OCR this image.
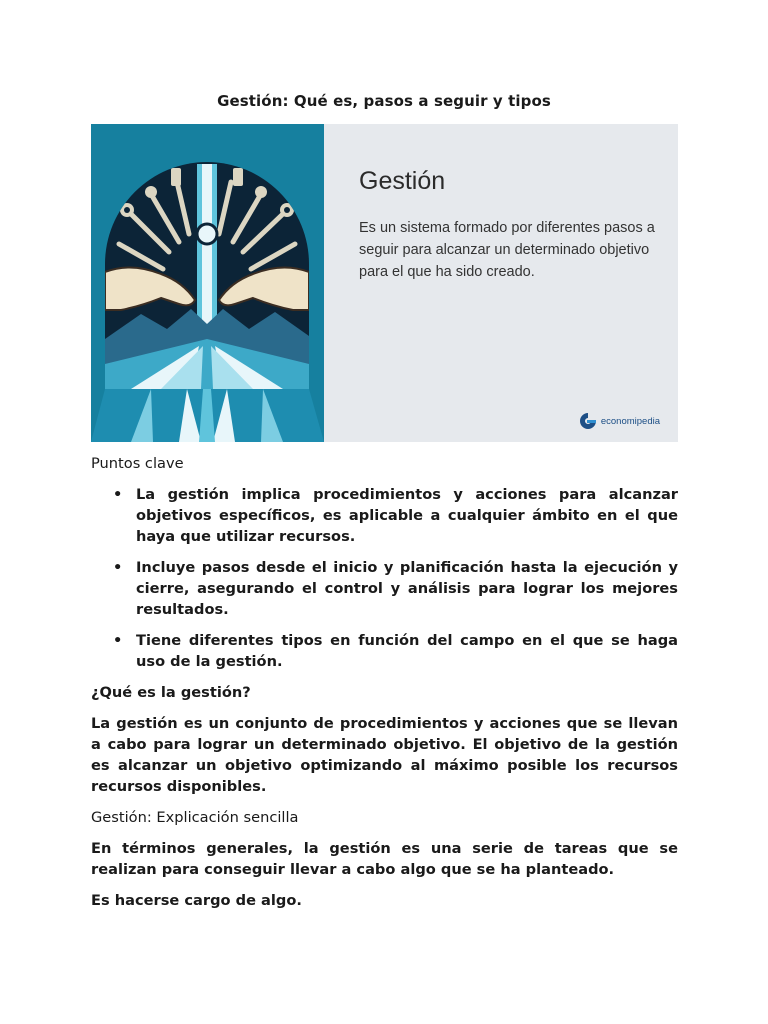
Gestión: Qué es, pasos a seguir y tipos
Gestión
Es un sistema formado por diferentes pasos a seguir para alcanzar un determinado objetivo para el que ha sido creado.
economipedia
Puntos clave
• La gestión implica procedimientos y acciones para alcanzar objetivos específicos, es aplicable a cualquier ámbito en el que haya que utilizar recursos.
• Incluye pasos desde el inicio y planificación hasta la ejecución y cierre, asegurando el control y análisis para lograr los mejores resultados.
• Tiene diferentes tipos en función del campo en el que se haga uso de la gestión.
¿Qué es la gestión?

La gestión es un conjunto de procedimientos y acciones que se llevan a cabo para lograr un determinado objetivo. El objetivo de la gestión es alcanzar un objetivo optimizando al máximo posible los recursos recursos disponibles.

Gestión: Explicación sencilla

En términos generales, la gestión es una serie de tareas que se realizan para conseguir llevar a cabo algo que se ha planteado.

Es hacerse cargo de algo.
